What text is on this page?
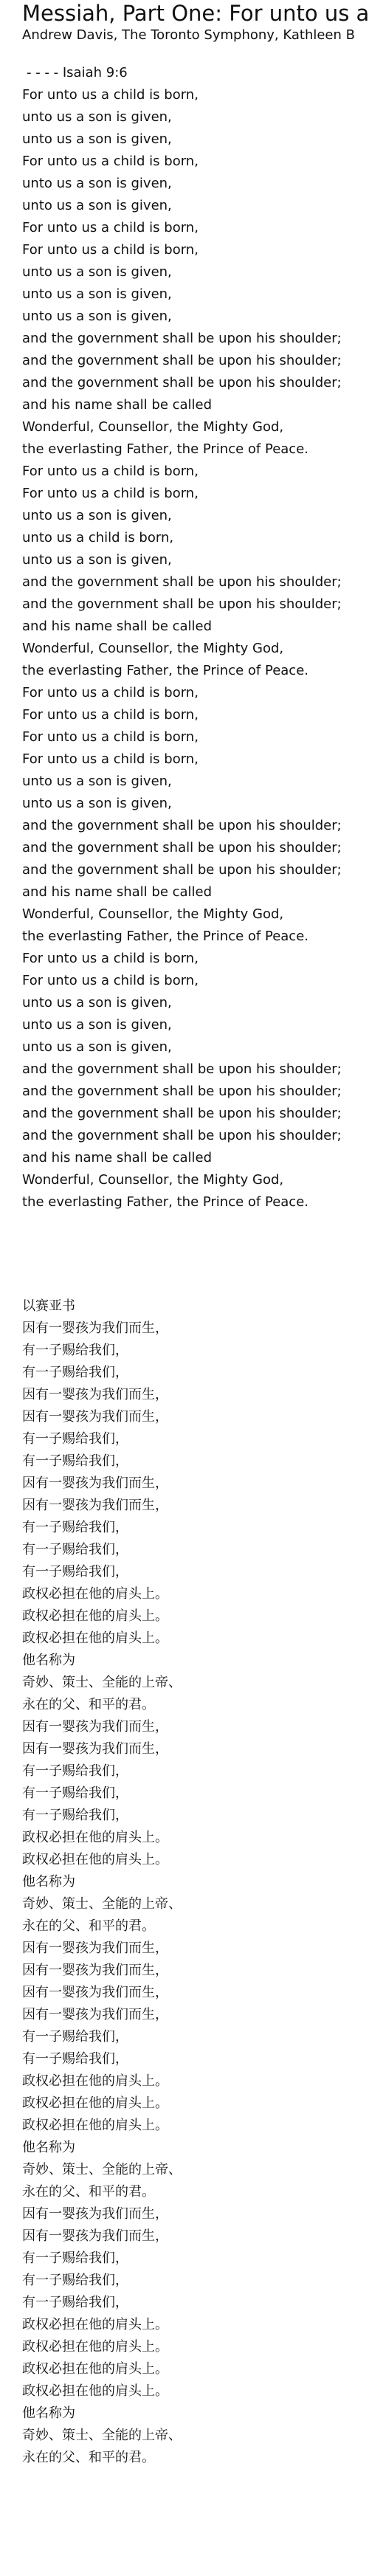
Messiah, Part One: For unto us a
Andrew Davis, The Toronto Symphony, Kathleen B
- - - - Isaiah 9:6
For unto us a child is born,
unto us a son is given,
unto us a son is given,
For unto us a child is born,
unto us a son is given,
unto us a son is given,
For unto us a child is born,
For unto us a child is born,
unto us a son is given,
unto us a son is given,
unto us a son is given,
and the government shall be upon his shoulder;
and the government shall be upon his shoulder;
and the government shall be upon his shoulder;
and his name shall be called
Wonderful, Counsellor, the Mighty God,
the everlasting Father, the Prince of Peace.
For unto us a child is born,
For unto us a child is born,
unto us a son is given,
unto us a child is born,
unto us a son is given,
and the government shall be upon his shoulder;
and the government shall be upon his shoulder;
and his name shall be called
Wonderful, Counsellor, the Mighty God,
the everlasting Father, the Prince of Peace.
For unto us a child is born,
For unto us a child is born,
For unto us a child is born,
For unto us a child is born,
unto us a son is given,
unto us a son is given,
and the government shall be upon his shoulder;
and the government shall be upon his shoulder;
and the government shall be upon his shoulder;
and his name shall be called
Wonderful, Counsellor, the Mighty God,
the everlasting Father, the Prince of Peace.
For unto us a child is born,
For unto us a child is born,
unto us a son is given,
unto us a son is given,
unto us a son is given,
and the government shall be upon his shoulder;
and the government shall be upon his shoulder;
and the government shall be upon his shoulder;
and the government shall be upon his shoulder;
and his name shall be called
Wonderful, Counsellor, the Mighty God,
the everlasting Father, the Prince of Peace.
以赛亚书
因有一婴孩为我们而生，
有一子赐给我们，
有一子赐给我们，
因有一婴孩为我们而生，
因有一婴孩为我们而生，
有一子赐给我们，
有一子赐给我们，
因有一婴孩为我们而生，
因有一婴孩为我们而生，
有一子赐给我们，
有一子赐给我们，
有一子赐给我们，
政权必担在他的肩头上。
政权必担在他的肩头上。
政权必担在他的肩头上。
他名称为
奇妙、策士、全能的上帝、
永在的父、和平的君。
因有一婴孩为我们而生，
因有一婴孩为我们而生，
有一子赐给我们，
有一子赐给我们，
有一子赐给我们，
政权必担在他的肩头上。
政权必担在他的肩头上。
他名称为
奇妙、策士、全能的上帝、
永在的父、和平的君。
因有一婴孩为我们而生，
因有一婴孩为我们而生，
因有一婴孩为我们而生，
因有一婴孩为我们而生，
有一子赐给我们，
有一子赐给我们，
政权必担在他的肩头上。
政权必担在他的肩头上。
政权必担在他的肩头上。
他名称为
奇妙、策士、全能的上帝、
永在的父、和平的君。
因有一婴孩为我们而生，
因有一婴孩为我们而生，
有一子赐给我们，
有一子赐给我们，
有一子赐给我们，
政权必担在他的肩头上。
政权必担在他的肩头上。
政权必担在他的肩头上。
政权必担在他的肩头上。
他名称为
奇妙、策士、全能的上帝、
永在的父、和平的君。
